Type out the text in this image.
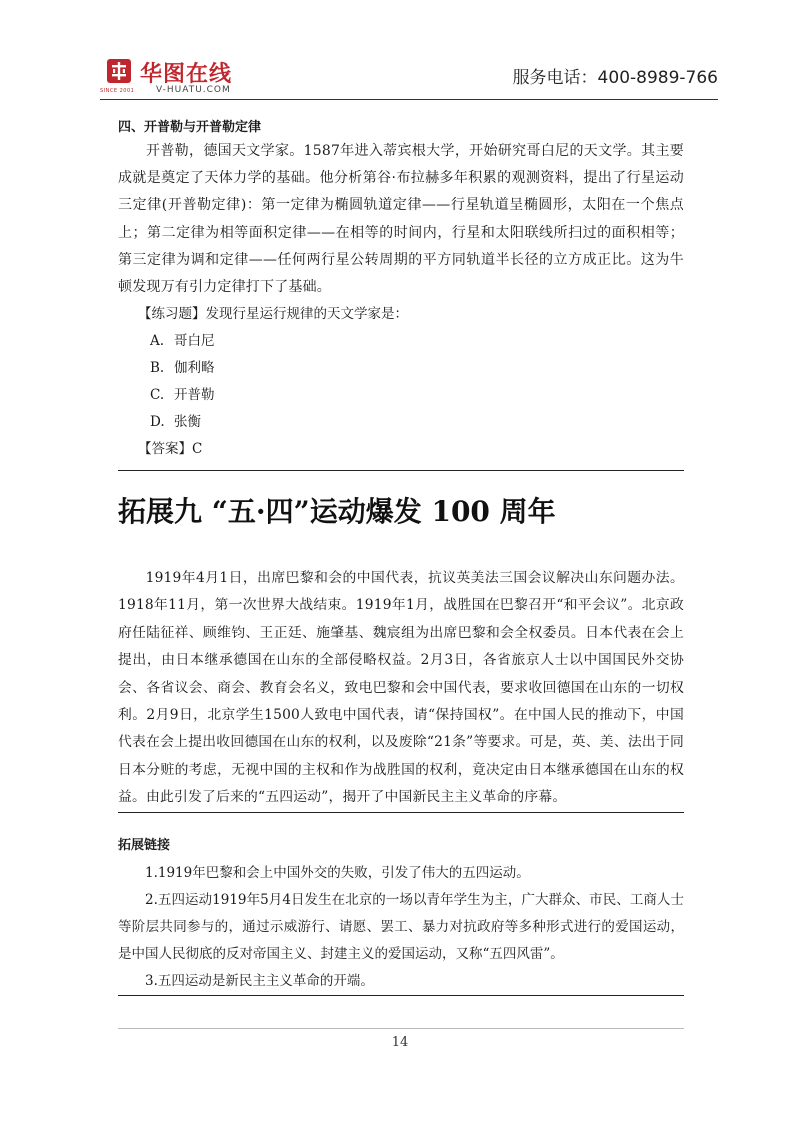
SINCE 2001
华图在线
V-HUATU.COM
服务电话：400-8989-766
四、开普勒与开普勒定律

开普勒，德国天文学家。1587年进入蒂宾根大学，开始研究哥白尼的天文学。其主要成就是奠定了天体力学的基础。他分析第谷·布拉赫多年积累的观测资料，提出了行星运动三定律(开普勒定律)：第一定律为椭圆轨道定律——行星轨道呈椭圆形，太阳在一个焦点上；第二定律为相等面积定律——在相等的时间内，行星和太阳联线所扫过的面积相等；第三定律为调和定律——任何两行星公转周期的平方同轨道半长径的立方成正比。这为牛顿发现万有引力定律打下了基础。

【练习题】发现行星运行规律的天文学家是：

A. 哥白尼

B. 伽利略

C. 开普勒

D. 张衡

【答案】C

拓展九 “五·四”运动爆发 100 周年

1919年4月1日，出席巴黎和会的中国代表，抗议英美法三国会议解决山东问题办法。1918年11月，第一次世界大战结束。1919年1月，战胜国在巴黎召开“和平会议”。北京政府任陆征祥、顾维钧、王正廷、施肇基、魏宸组为出席巴黎和会全权委员。日本代表在会上提出，由日本继承德国在山东的全部侵略权益。2月3日，各省旅京人士以中国国民外交协会、各省议会、商会、教育会名义，致电巴黎和会中国代表，要求收回德国在山东的一切权利。2月9日，北京学生1500人致电中国代表，请“保持国权”。在中国人民的推动下，中国代表在会上提出收回德国在山东的权利，以及废除“21条”等要求。可是，英、美、法出于同日本分赃的考虑，无视中国的主权和作为战胜国的权利，竟决定由日本继承德国在山东的权益。由此引发了后来的“五四运动”，揭开了中国新民主主义革命的序幕。

拓展链接

1.1919年巴黎和会上中国外交的失败，引发了伟大的五四运动。

2.五四运动1919年5月4日发生在北京的一场以青年学生为主，广大群众、市民、工商人士等阶层共同参与的，通过示威游行、请愿、罢工、暴力对抗政府等多种形式进行的爱国运动，是中国人民彻底的反对帝国主义、封建主义的爱国运动，又称“五四风雷”。

3.五四运动是新民主主义革命的开端。

14
